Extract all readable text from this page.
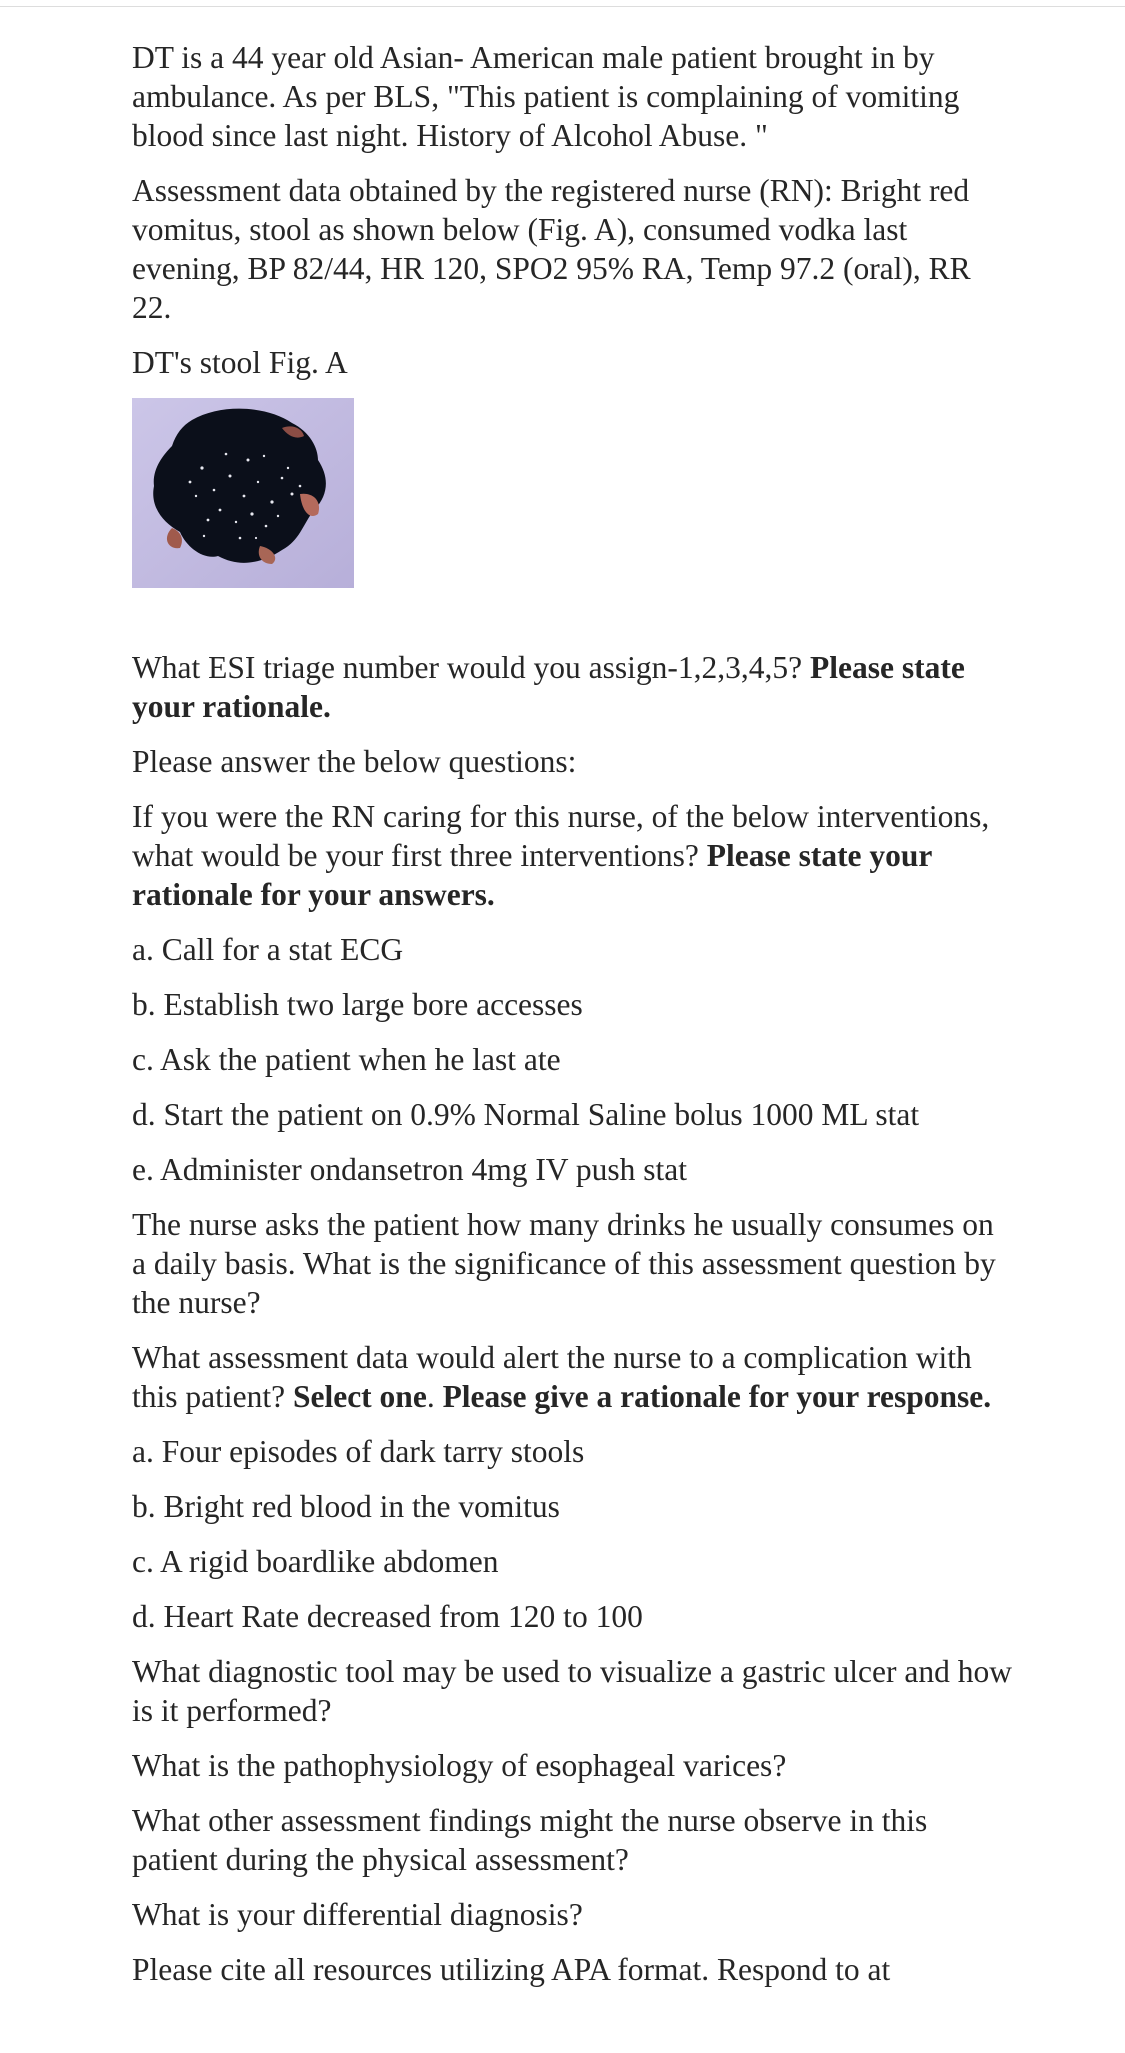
DT is a 44 year old Asian- American male patient brought in by ambulance. As per BLS, "This patient is complaining of vomiting blood since last night. History of Alcohol Abuse. "

Assessment data obtained by the registered nurse (RN): Bright red vomitus, stool as shown below (Fig. A), consumed vodka last evening, BP 82/44, HR 120, SPO2 95% RA, Temp 97.2 (oral), RR 22.

DT's stool Fig. A

What ESI triage number would you assign-1,2,3,4,5? Please state your rationale.

Please answer the below questions:

If you were the RN caring for this nurse, of the below interventions, what would be your first three interventions? Please state your rationale for your answers.

a. Call for a stat ECG

b. Establish two large bore accesses

c. Ask the patient when he last ate

d. Start the patient on 0.9% Normal Saline bolus 1000 ML stat

e. Administer ondansetron 4mg IV push stat

The nurse asks the patient how many drinks he usually consumes on a daily basis. What is the significance of this assessment question by the nurse?

What assessment data would alert the nurse to a complication with this patient? Select one. Please give a rationale for your response.

a. Four episodes of dark tarry stools

b. Bright red blood in the vomitus

c. A rigid boardlike abdomen

d. Heart Rate decreased from 120 to 100

What diagnostic tool may be used to visualize a gastric ulcer and how is it performed?

What is the pathophysiology of esophageal varices?

What other assessment findings might the nurse observe in this patient during the physical assessment?

What is your differential diagnosis?

Please cite all resources utilizing APA format. Respond to at
